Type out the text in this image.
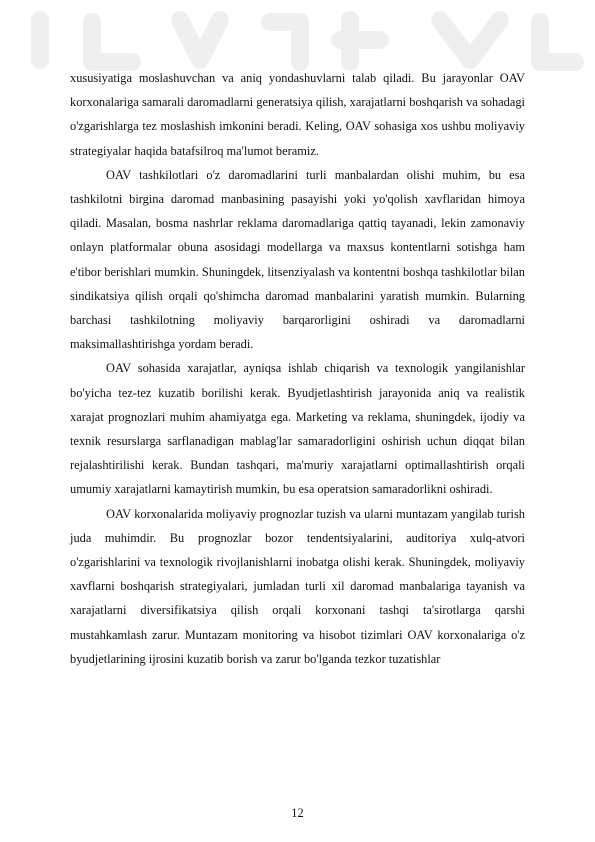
xususiyatiga moslashuvchan va aniq yondashuvlarni talab qiladi. Bu jarayonlar OAV korxonalariga samarali daromadlarni generatsiya qilish, xarajatlarni boshqarish va sohadagi o'zgarishlarga tez moslashish imkonini beradi. Keling, OAV sohasiga xos ushbu moliyaviy strategiyalar haqida batafsilroq ma'lumot beramiz.

OAV tashkilotlari o'z daromadlarini turli manbalardan olishi muhim, bu esa tashkilotni birgina daromad manbasining pasayishi yoki yo'qolish xavflaridan himoya qiladi. Masalan, bosma nashrlar reklama daromadlariga qattiq tayanadi, lekin zamonaviy onlayn platformalar obuna asosidagi modellarga va maxsus kontentlarni sotishga ham e'tibor berishlari mumkin. Shuningdek, litsenziyalash va kontentni boshqa tashkilotlar bilan sindikatsiya qilish orqali qo'shimcha daromad manbalarini yaratish mumkin. Bularning barchasi tashkilotning moliyaviy barqarorligini oshiradi va daromadlarni maksimallashtirishga yordam beradi.

OAV sohasida xarajatlar, ayniqsa ishlab chiqarish va texnologik yangilanishlar bo'yicha tez-tez kuzatib borilishi kerak. Byudjetlashtirish jarayonida aniq va realistik xarajat prognozlari muhim ahamiyatga ega. Marketing va reklama, shuningdek, ijodiy va texnik resurslarga sarflanadigan mablag'lar samaradorligini oshirish uchun diqqat bilan rejalashtirilishi kerak. Bundan tashqari, ma'muriy xarajatlarni optimallashtirish orqali umumiy xarajatlarni kamaytirish mumkin, bu esa operatsion samaradorlikni oshiradi.

OAV korxonalarida moliyaviy prognozlar tuzish va ularni muntazam yangilab turish juda muhimdir. Bu prognozlar bozor tendentsiyalarini, auditoriya xulq-atvori o'zgarishlarini va texnologik rivojlanishlarni inobatga olishi kerak. Shuningdek, moliyaviy xavflarni boshqarish strategiyalari, jumladan turli xil daromad manbalariga tayanish va xarajatlarni diversifikatsiya qilish orqali korxonani tashqi ta'sirotlarga qarshi mustahkamlash zarur. Muntazam monitoring va hisobot tizimlari OAV korxonalariga o'z byudjetlarining ijrosini kuzatib borish va zarur bo'lganda tezkor tuzatishlar

12
